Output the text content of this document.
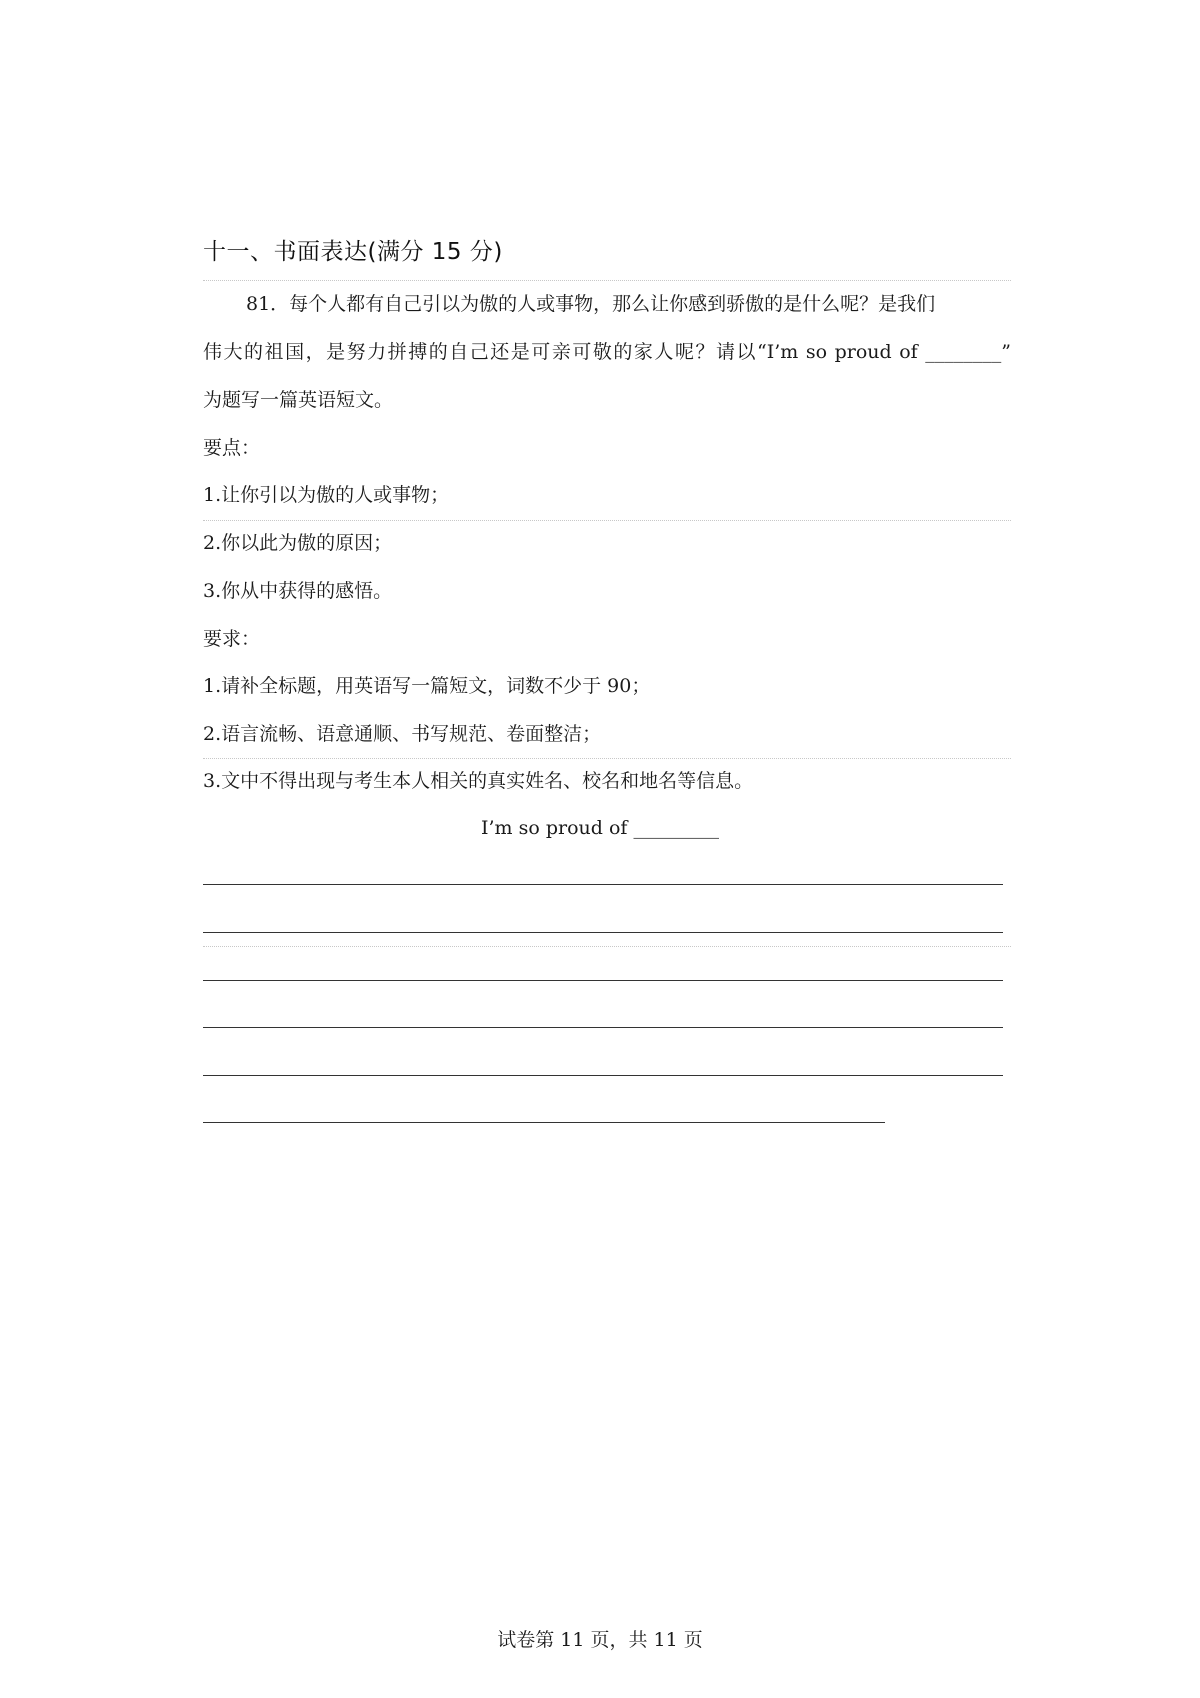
十一、书面表达(满分 15 分)
81．每个人都有自己引以为傲的人或事物，那么让你感到骄傲的是什么呢？是我们
伟大的祖国，是努力拼搏的自己还是可亲可敬的家人呢？请以“I’m so proud of ________”
为题写一篇英语短文。
要点：
1.让你引以为傲的人或事物；
2.你以此为傲的原因；
3.你从中获得的感悟。
要求：
1.请补全标题，用英语写一篇短文，词数不少于 90；
2.语言流畅、语意通顺、书写规范、卷面整洁；
3.文中不得出现与考生本人相关的真实姓名、校名和地名等信息。
I’m so proud of _________
试卷第 11 页，共 11 页
